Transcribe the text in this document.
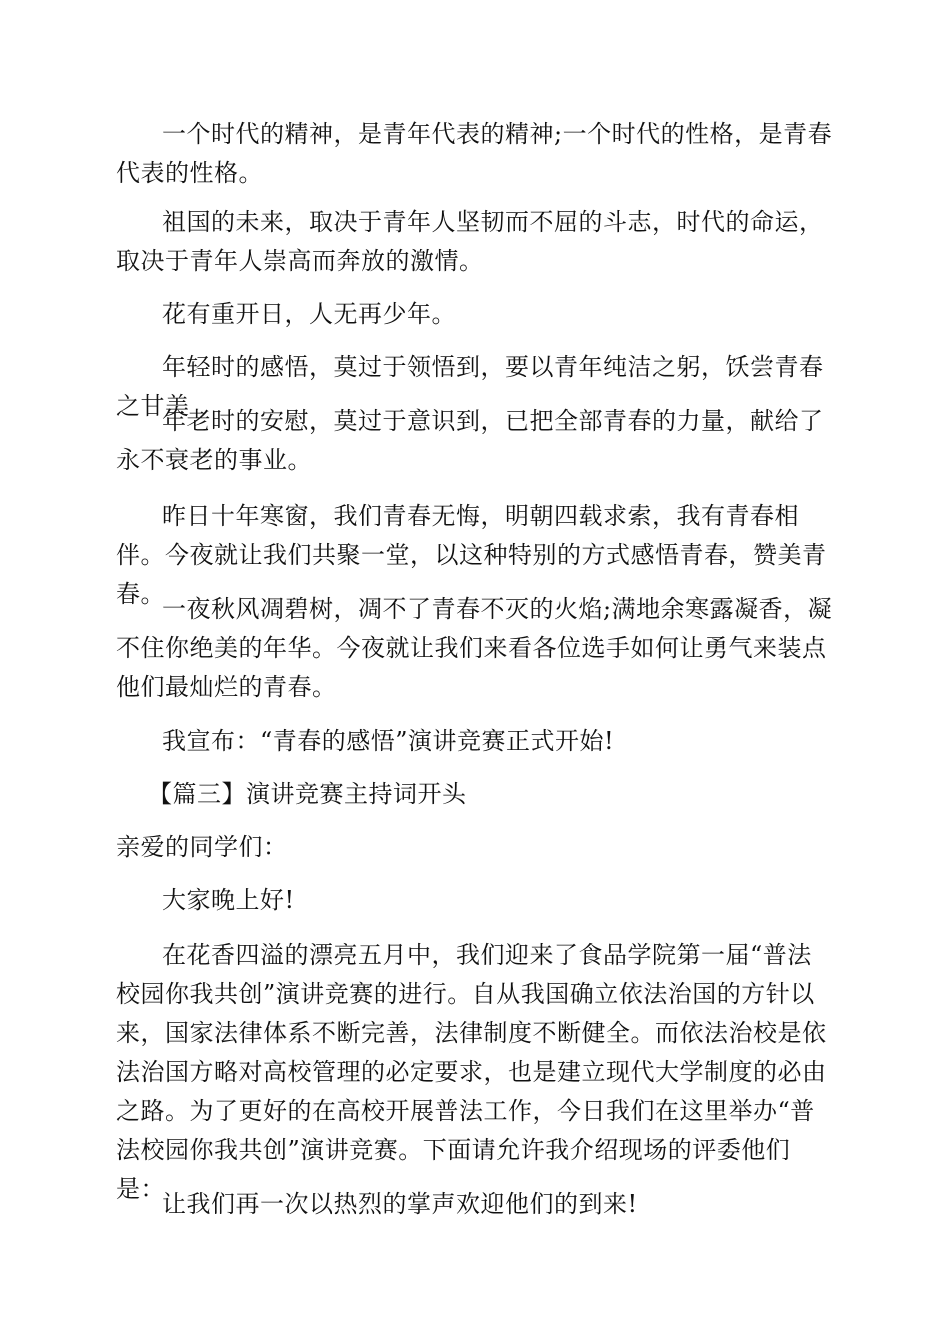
一个时代的精神，是青年代表的精神;一个时代的性格，是青春代表的性格。
祖国的未来，取决于青年人坚韧而不屈的斗志，时代的命运，取决于青年人崇高而奔放的激情。
花有重开日，人无再少年。
年轻时的感悟，莫过于领悟到，要以青年纯洁之躬，饫尝青春之甘美
年老时的安慰，莫过于意识到，已把全部青春的力量，献给了永不衰老的事业。
昨日十年寒窗，我们青春无悔，明朝四载求索，我有青春相伴。今夜就让我们共聚一堂，以这种特别的方式感悟青春，赞美青春。
一夜秋风凋碧树，凋不了青春不灭的火焰;满地余寒露凝香，凝不住你绝美的年华。今夜就让我们来看各位选手如何让勇气来装点他们最灿烂的青春。
我宣布：“青春的感悟”演讲竞赛正式开始!
【篇三】演讲竞赛主持词开头
亲爱的同学们：
大家晚上好!
在花香四溢的漂亮五月中，我们迎来了食品学院第一届“普法校园你我共创”演讲竞赛的进行。自从我国确立依法治国的方针以来，国家法律体系不断完善，法律制度不断健全。而依法治校是依法治国方略对高校管理的必定要求，也是建立现代大学制度的必由之路。为了更好的在高校开展普法工作，今日我们在这里举办“普法校园你我共创”演讲竞赛。下面请允许我介绍现场的评委他们是：
让我们再一次以热烈的掌声欢迎他们的到来!
